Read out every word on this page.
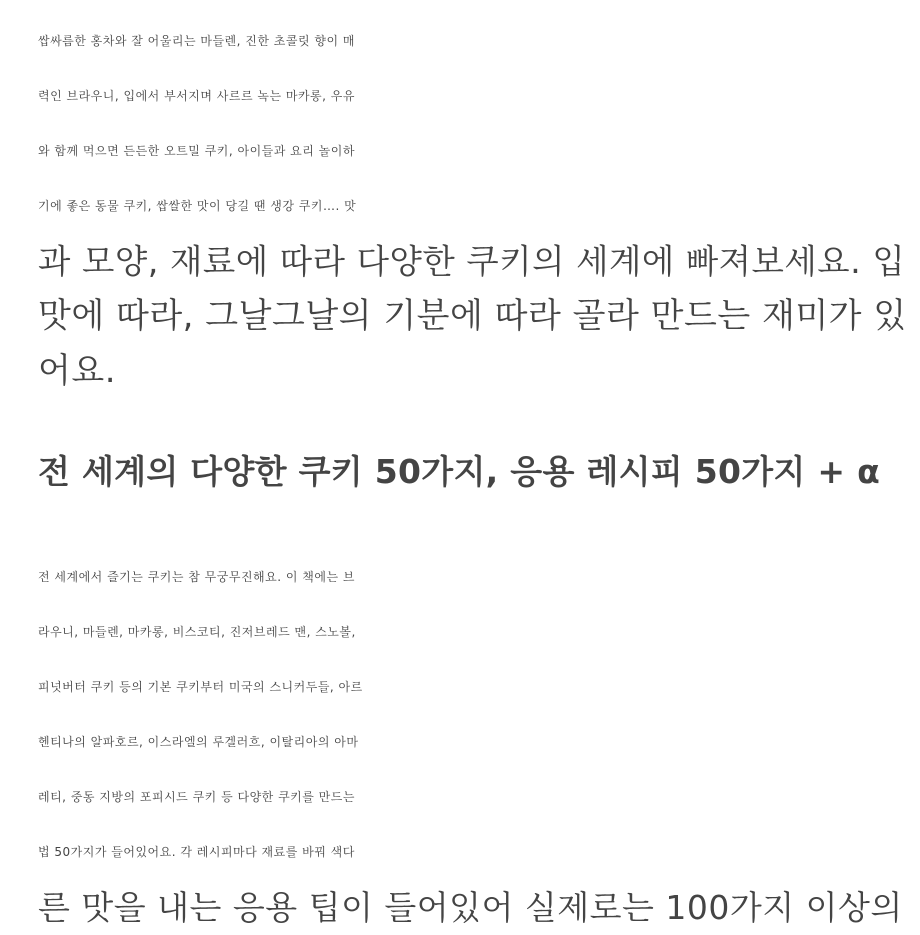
쌉싸름한 홍차와 잘 어울리는 마들렌, 진한 초콜릿 향이 매
력인 브라우니, 입에서 부서지며 사르르 녹는 마카롱, 우유
와 함께 먹으면 든든한 오트밀 쿠키, 아이들과 요리 놀이하
기에 좋은 동물 쿠키, 쌉쌀한 맛이 당길 땐 생강 쿠키…. 맛
과 모양, 재료에 따라 다양한 쿠키의 세계에 빠져보세요. 입
맛에 따라, 그날그날의 기분에 따라 골라 만드는 재미가 있
어요.

전 세계의 다양한 쿠키 50가지, 응용 레시피 50가지 + α

전 세계에서 즐기는 쿠키는 참 무궁무진해요. 이 책에는 브
라우니, 마들렌, 마카롱, 비스코티, 진저브레드 맨, 스노볼,
피넛버터 쿠키 등의 기본 쿠키부터 미국의 스니커두들, 아르
헨티나의 알파호르, 이스라엘의 루겔러흐, 이탈리아의 아마
레티, 중동 지방의 포피시드 쿠키 등 다양한 쿠키를 만드는
법 50가지가 들어있어요. 각 레시피마다 재료를 바꿔 색다
른 맛을 내는 응용 팁이 들어있어 실제로는 100가지 이상의
